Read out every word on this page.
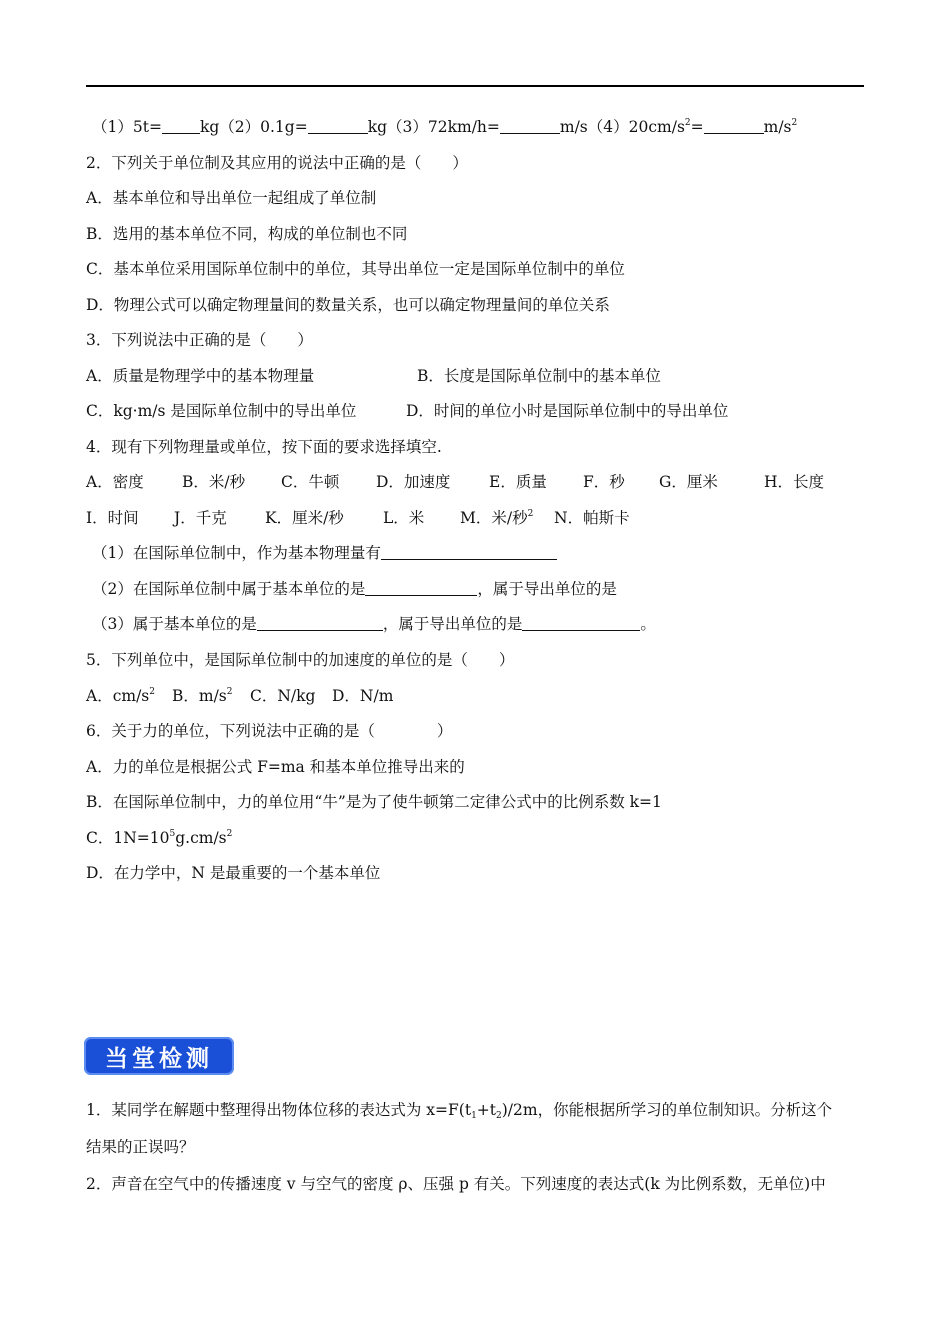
（1）5t= kg（2）0.1g=	kg（3）72km/h=	$m/s(4)20cm/s^2=$	$m/s^2$
2．下列关于单位制及其应用的说法中正确的是（　　）
A．基本单位和导出单位一起组成了单位制
B．选用的基本单位不同，构成的单位制也不同
C．基本单位采用国际单位制中的单位，其导出单位一定是国际单位制中的单位
D．物理公式可以确定物理量间的数量关系，也可以确定物理量间的单位关系
3．下列说法中正确的是（　　）
A．质量是物理学中的基本物理量	B．长度是国际单位制中的基本单位
C．kg·m/s 是国际单位制中的导出单位	D．时间的单位小时是国际单位制中的导出单位
4．现有下列物理量或单位，按下面的要求选择填空.
A．密度 B．米/秒 C．牛顿 D．加速度 E．质量 F．秒 G．厘米	H．长度
I．时间 J．千克 K．厘米/秒	L．米 M．米/秒$^2$ N．帕斯卡
（1）在国际单位制中，作为基本物理量有
（2）在国际单位制中属于基本单位的是	，属于导出单位的是
（3）属于基本单位的是	，属于导出单位的是	。
5．下列单位中，是国际单位制中的加速度的单位的是（　　）
A．$cm/s^2$ B．$m/s^2$ C．N/kg D．N/m
6．关于力的单位，下列说法中正确的是（　　　　）
A．力的单位是根据公式 F=ma 和基本单位推导出来的
B．在国际单位制中，力的单位用“牛”是为了使牛顿第二定律公式中的比例系数 k=1
C．$1N=10^5g.cm/s^2$
D．在力学中，N 是最重要的一个基本单位
当堂检测
1．某同学在解题中整理得出物体位移的表达式为 $x=F(t_1+t_2)/2m$，你能根据所学习的单位制知识。分析这个
结果的正误吗？
2．声音在空气中的传播速度 v 与空气的密度 ρ、压强 p 有关。下列速度的表达式(k 为比例系数，无单位)中
